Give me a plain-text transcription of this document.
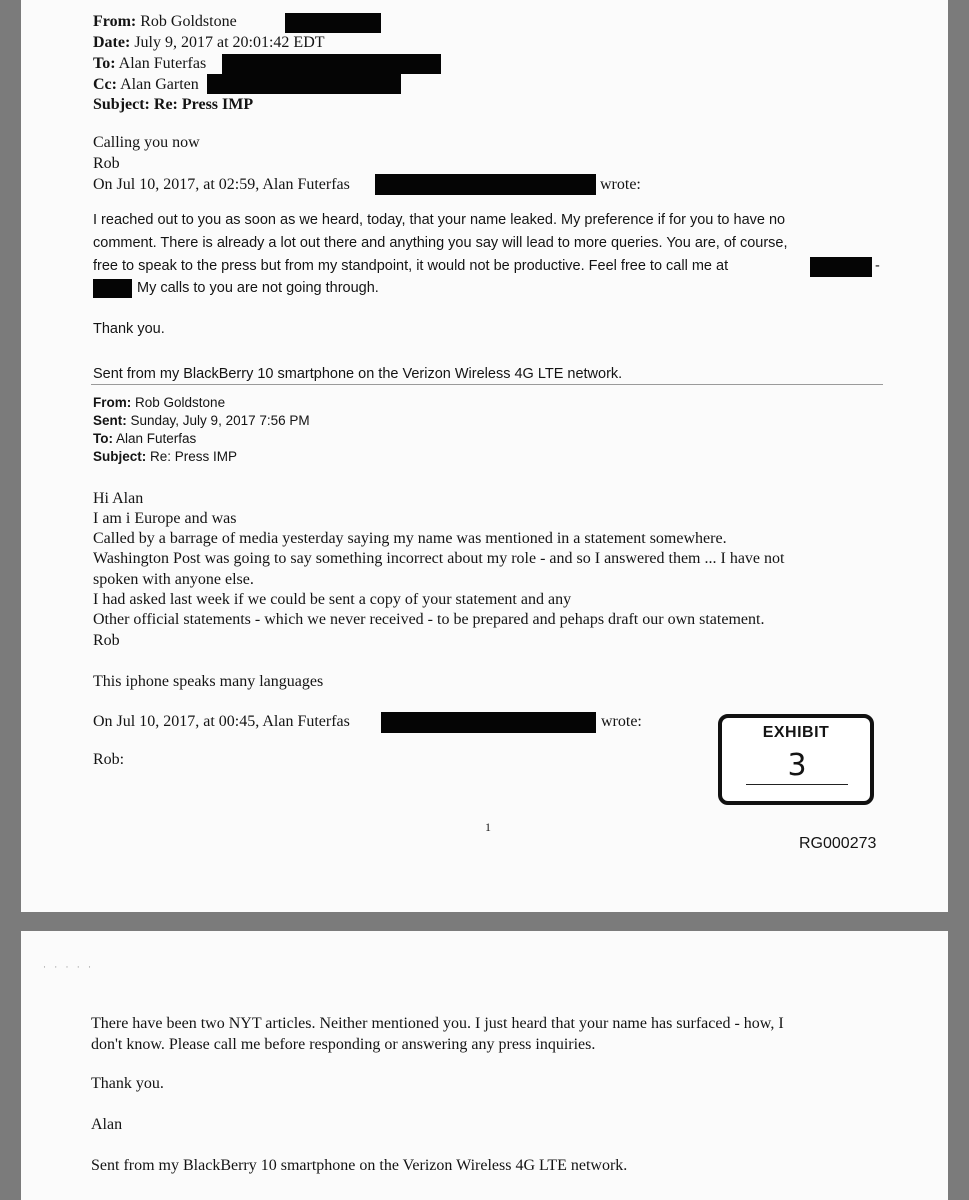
From: Rob Goldstone
Date: July 9, 2017 at 20:01:42 EDT
To: Alan Futerfas
Cc: Alan Garten
Subject: Re: Press IMP
Calling you now
Rob
On Jul 10, 2017, at 02:59, Alan Futerfas	wrote:
I reached out to you as soon as we heard, today, that your name leaked. My preference if for you to have no
comment. There is already a lot out there and anything you say will lead to more queries. You are, of course,
free to speak to the press but from my standpoint, it would not be productive. Feel free to call me at	-
My calls to you are not going through.
Thank you.
Sent from my BlackBerry 10 smartphone on the Verizon Wireless 4G LTE network.
From: Rob Goldstone
Sent: Sunday, July 9, 2017 7:56 PM
To: Alan Futerfas
Subject: Re: Press IMP
Hi Alan
I am i Europe and was
Called by a barrage of media yesterday saying my name was mentioned in a statement somewhere.
Washington Post was going to say something incorrect about my role - and so I answered them ... I have not
spoken with anyone else.
I had asked last week if we could be sent a copy of your statement and any
Other official statements - which we never received - to be prepared and pehaps draft our own statement.
Rob
This iphone speaks many languages
On Jul 10, 2017, at 00:45, Alan Futerfas	wrote:
Rob:
EXHIBIT
3
1
RG000273
· · · · ·
There have been two NYT articles. Neither mentioned you. I just heard that your name has surfaced - how, I
don't know. Please call me before responding or answering any press inquiries.
Thank you.
Alan
Sent from my BlackBerry 10 smartphone on the Verizon Wireless 4G LTE network.
